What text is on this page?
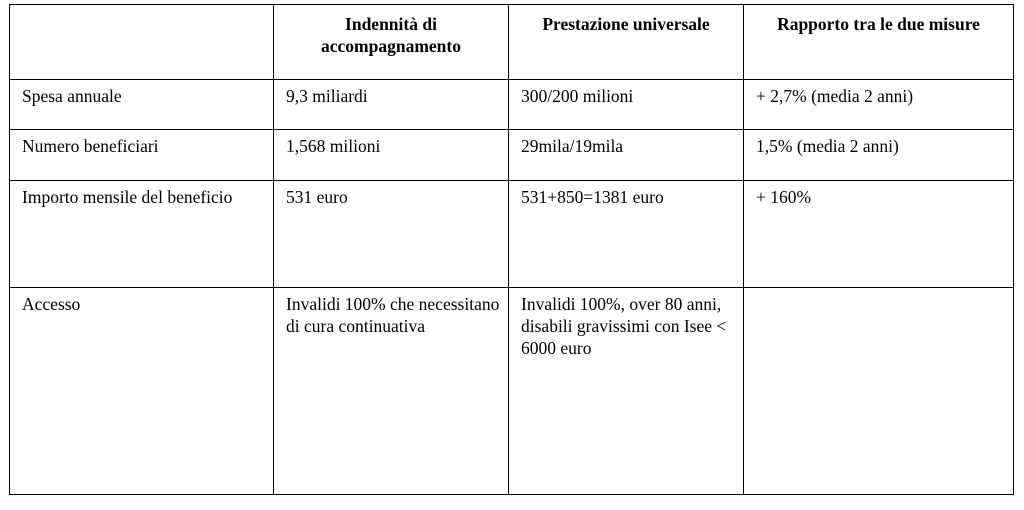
	Indennità di accompagnamento	Prestazione universale	Rapporto tra le due misure
Spesa annuale	9,3 miliardi	300/200 milioni	+ 2,7% (media 2 anni)
Numero beneficiari	1,568 milioni	29mila/19mila	1,5% (media 2 anni)
Importo mensile del beneficio	531 euro	531+850=1381 euro	+ 160%
Accesso	Invalidi 100% che necessitano di cura continuativa	Invalidi 100%, over 80 anni, disabili gravissimi con Isee < 6000 euro	
